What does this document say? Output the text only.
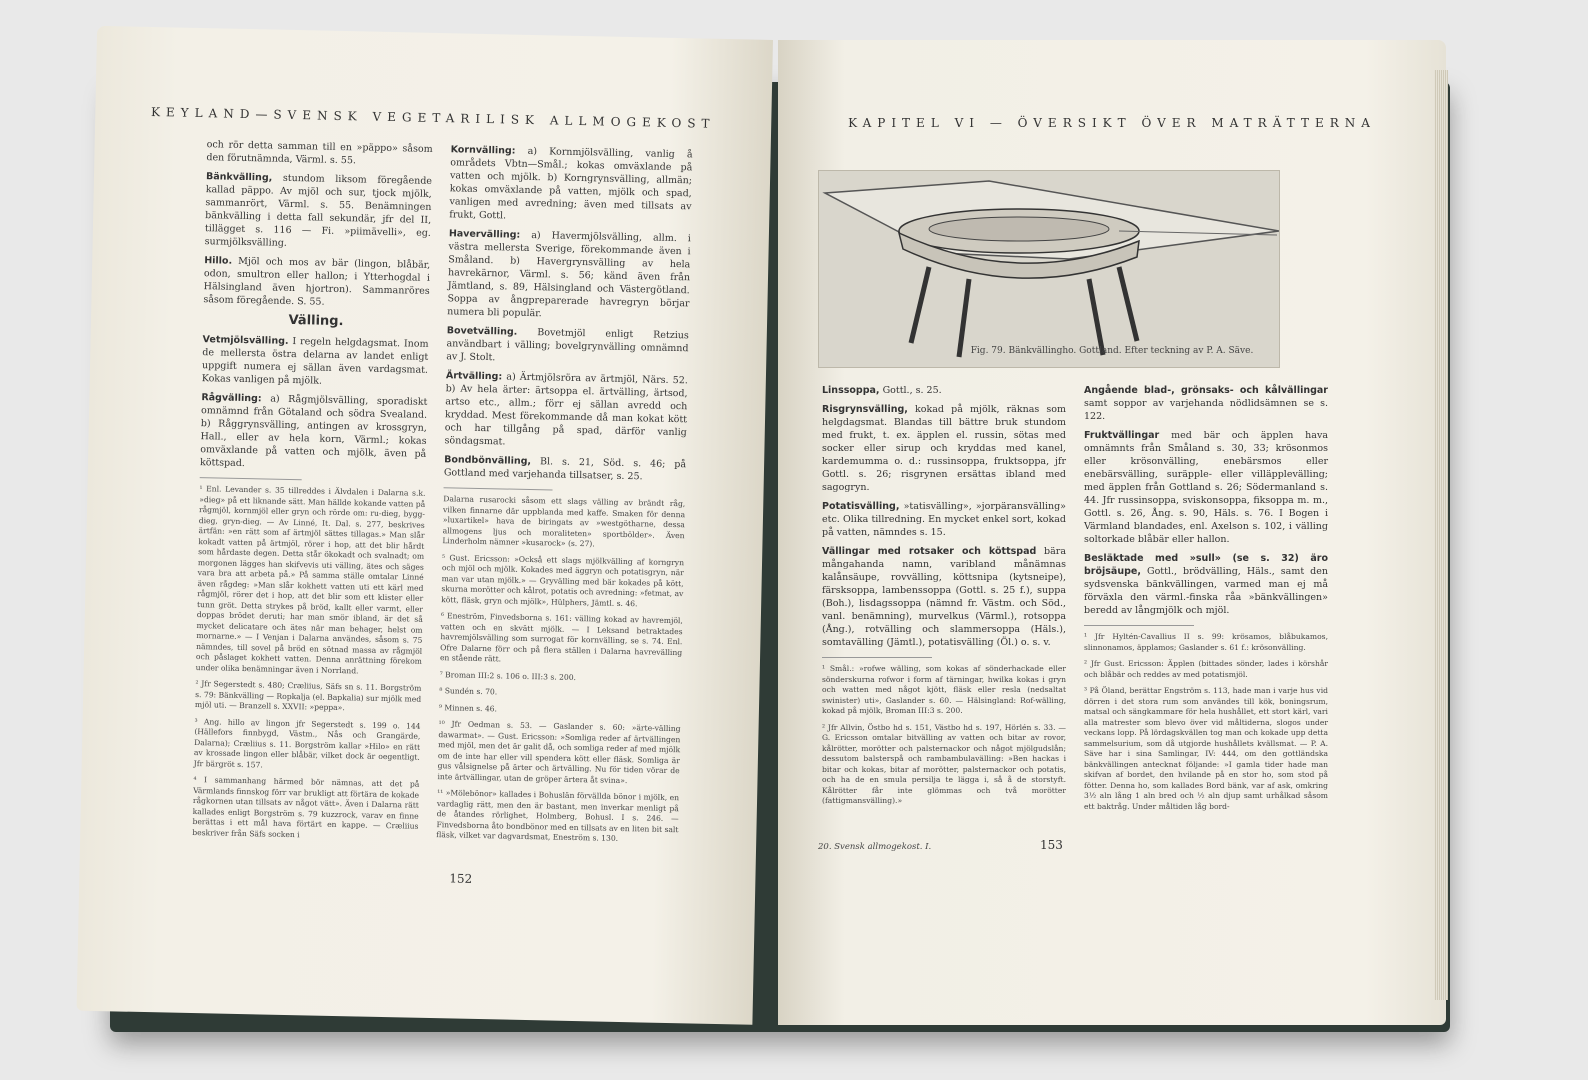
KEYLAND—SVENSK VEGETARILISK ALLMOGEKOST

och rör detta samman till en »päppo» såsom den förutnämnda, Värml. s. 55.

Bänkvälling, stundom liksom föregående kallad päppo. Av mjöl och sur, tjock mjölk, sammanrört, Värml. s. 55. Benämningen bänkvälling i detta fall sekundär, jfr del II, tillägget s. 116 — Fi. »piimävelli», eg. surmjölksvälling.

Hillo. Mjöl och mos av bär (lingon, blåbär, odon, smultron eller hallon; i Ytterhogdal i Hälsingland även hjortron). Sammanröres såsom föregående. S. 55.

Välling.

Vetmjölsvälling. I regeln helgdagsmat. Inom de mellersta östra delarna av landet enligt uppgift numera ej sällan även vardagsmat. Kokas vanligen på mjölk.

Rågvälling: a) Rågmjölsvälling, sporadiskt omnämnd från Götaland och södra Svealand. b) Råggrynsvälling, antingen av krossgryn, Hall., eller av hela korn, Värml.; kokas omväxlande på vatten och mjölk, även på köttspad.

¹ Enl. Levander s. 35 tillreddes i Älvdalen i Dalarna s.k. »dieg» på ett liknande sätt. Man hällde kokande vatten på rågmjöl, kornmjöl eller gryn och rörde om: ru-dieg, bygg-dieg, gryn-dieg. — Av Linné, It. Dal. s. 277, beskrives ärtfän: »en rätt som af ärtmjöl sättes tillagas.» Man slår kokadt vatten på ärtmjöl, rörer i hop, att det blir hårdt som hårdaste degen. Detta står ökokadt och svalnadt; om morgonen lägges han skifvevis uti välling, ätes och säges vara bra att arbeta på.» På samma ställe omtalar Linné även rågdeg: »Man slår kokhett vatten uti ett kärl med rågmjöl, rörer det i hop, att det blir som ett klister eller tunn gröt. Detta strykes på bröd, kallt eller varmt, eller doppas brödet deruti; har man smör ibland, är det så mycket delicatare och ätes när man behager, helst om mornarne.» — I Venjan i Dalarna användes, såsom s. 75 nämndes, till sovel på bröd en sötnad massa av rågmjöl och påslaget kokhett vatten. Denna anrättning förekom under olika benämningar även i Norrland.

² Jfr Segerstedt s. 480; Cræliius, Säfs sn s. 11. Borgström s. 79: Bänkvälling — Ropkalja (el. Bapkalia) sur mjölk med mjöl uti. — Branzell s. XXVII: »peppa».

³ Ang. hillo av lingon jfr Segerstedt s. 199 o. 144 (Hällefors finnbygd, Västm., Nås och Grangärde, Dalarna); Cræliius s. 11. Borgström kallar »Hilo» en rätt av krossade lingon eller blåbär, vilket dock är oegentligt. Jfr bärgröt s. 157.

⁴ I sammanhang härmed bör nämnas, att det på Värmlands finnskog förr var brukligt att förtära de kokade rågkornen utan tillsats av något vätt». Även i Dalarna rätt kallades enligt Borgström s. 79 kuzzrock, varav en finne berättas i ett mål hava förtärt en kappe. — Cræliius beskriver från Säfs socken i

Kornvälling: a) Kornmjölsvälling, vanlig å områdets Vbtn—Smål.; kokas omväxlande på vatten och mjölk. b) Korngrynsvälling, allmän; kokas omväxlande på vatten, mjölk och spad, vanligen med avredning; även med tillsats av frukt, Gottl.

Havervälling: a) Havermjölsvälling, allm. i västra mellersta Sverige, förekommande även i Småland. b) Havergrynsvälling av hela havrekärnor, Värml. s. 56; känd även från Jämtland, s. 89, Hälsingland och Västergötland. Soppa av ångpreparerade havregryn börjar numera bli populär.

Bovetvälling. Bovetmjöl enligt Retzius användbart i välling; bovelgrynvälling omnämnd av J. Stolt.

Ärtvälling: a) Ärtmjölsröra av ärtmjöl, Närs. 52. b) Av hela ärter: ärtsoppa el. ärtvälling, ärtsod, artso etc., allm.; förr ej sällan avredd och kryddad. Mest förekommande då man kokat kött och har tillgång på spad, därför vanlig söndagsmat.

Bondbönvälling, Bl. s. 21, Söd. s. 46; på Gottland med varjehanda tillsatser, s. 25.

Dalarna rusarocki såsom ett slags välling av brändt råg, vilken finnarne där uppblanda med kaffe. Smaken för denna »luxartikel» hava de biringats av »westgötharne, dessa allmogens ljus och moraliteten» sportbölder». Även Linderholm nämner »kusarock» (s. 27).

⁵ Gust. Ericsson: »Också ett slags mjölkvälling af korngryn och mjöl och mjölk. Kokades med äggryn och potatisgryn, när man var utan mjölk.» — Gryvälling med bär kokades på kött, skurna morötter och kålrot, potatis och avredning: »fetmat, av kött, fläsk, gryn och mjölk», Hülphers, Jämtl. s. 46.

⁶ Eneström, Finvedsborna s. 161: välling kokad av havremjöl, vatten och en skvätt mjölk. — I Leksand betraktades havremjölsvälling som surrogat för kornvälling, se s. 74. Enl. Ofre Dalarne förr och på flera ställen i Dalarna havrevälling en stående rätt.

⁷ Broman III:2 s. 106 o. III:3 s. 200.

⁸ Sundén s. 70.

⁹ Minnen s. 46.

¹⁰ Jfr Oedman s. 53. — Gaslander s. 60: »ärte-välling dawarmat». — Gust. Ericsson: »Somliga reder af ärtvällingen med mjöl, men det är galit då, och somliga reder af med mjölk om de inte har eller vill spendera kött eller fläsk. Somliga är gus vålsignelse på ärter och ärtvälling. Nu för tiden vörar de inte ärtvällingar, utan de gröper ärtera åt svina».

¹¹ »Mölebönor» kallades i Bohuslän förvällda bönor i mjölk, en vardaglig rätt, men den är bastant, men inverkar menligt på de åtandes rörlighet, Holmberg, Bohusl. I s. 246. — Finvedsborna åto bondbönor med en tillsats av en liten bit salt fläsk, vilket var dagvardsmat, Eneström s. 130.

152
KAPITEL VI — ÖVERSIKT ÖVER MATRÄTTERNA
Fig. 79. Bänkvällingho. Gottland. Efter teckning av P. A. Säve.

Linssoppa, Gottl., s. 25.

Risgrynsvälling, kokad på mjölk, räknas som helgdagsmat. Blandas till bättre bruk stundom med frukt, t. ex. äpplen el. russin, sötas med socker eller sirup och kryddas med kanel, kardemumma o. d.: russinsoppa, fruktsoppa, jfr Gottl. s. 26; risgrynen ersättas ibland med sagogryn.

Potatisvälling, »tatisvälling», »jorpäransvälling» etc. Olika tillredning. En mycket enkel sort, kokad på vatten, nämndes s. 15.

Vällingar med rotsaker och köttspad bära mångahanda namn, varibland månämnas kalånsäupe, rovvälling, köttsnipa (kytsneipe), färsksoppa, lambenssoppa (Gottl. s. 25 f.), suppa (Boh.), lisdagssoppa (nämnd fr. Västm. och Söd., vanl. benämning), murvelkus (Värml.), rotsoppa (Ång.), rotvälling och slammersoppa (Häls.), somtavälling (Jämtl.), potatisvälling (Öl.) o. s. v.

¹ Smål.: »rofwe wälling, som kokas af sönderhackade eller sönderskurna rofwor i form af tärningar, hwilka kokas i gryn och watten med något kjött, fläsk eller resla (nedsaltat swinister) uti», Gaslander s. 60. — Hälsingland: Rof-wälling, kokad på mjölk, Broman III:3 s. 200.

² Jfr Allvin, Östbo hd s. 151, Västbo hd s. 197, Hörlén s. 33. — G. Ericsson omtalar bitvälling av vatten och bitar av rovor, kålrötter, morötter och palsternackor och något mjölgudslån; dessutom balsterspå och rambambulavälling: »Ben hackas i bitar och kokas, bitar af morötter, palsternackor och potatis, och ha de en smula persilja te lägga i, så å de storstyft. Kålrötter får inte glömmas och två morötter (fattigmansvälling).»

Angående blad-, grönsaks- och kålvällingar samt soppor av varjehanda nödlidsämnen se s. 122.

Fruktvällingar med bär och äpplen hava omnämnts från Småland s. 30, 33; krösonmos eller krösonvälling, enebärsmos eller enebärsvälling, suräpple- eller villäpplevälling; med äpplen från Gottland s. 26; Södermanland s. 44. Jfr russinsoppa, sviskonsoppa, fiksoppa m. m., Gottl. s. 26, Ång. s. 90, Häls. s. 76. I Bogen i Värmland blandades, enl. Axelson s. 102, i välling soltorkade blåbär eller hallon.

Besläktade med »sull» (se s. 32) äro bröjsäupe, Gottl., brödvälling, Häls., samt den sydsvenska bänkvällingen, varmed man ej må förväxla den värml.-finska råa »bänkvällingen» beredd av långmjölk och mjöl.

¹ Jfr Hyltén-Cavallius II s. 99: krösamos, blåbukamos, slinnonamos, äpplamos; Gaslander s. 61 f.: krösonvälling.

² Jfr Gust. Ericsson: Äpplen (bittades sönder, lades i körshår och blåbär och reddes av med potatismjöl.

³ På Öland, berättar Engström s. 113, hade man i varje hus vid dörren i det stora rum som användes till kök, boningsrum, matsal och sängkammare för hela hushållet, ett stort kärl, vari alla matrester som blevo över vid måltiderna, slogos under veckans lopp. På lördagskvällen tog man och kokade upp detta sammelsurium, som då utgjorde hushållets kvällsmat. — P. A. Säve har i sina Samlingar, IV: 444, om den gottländska bänkvällingen antecknat följande: »I gamla tider hade man skifvan af bordet, den hvilande på en stor ho, som stod på fötter. Denna ho, som kallades Bord bänk, var af ask, omkring 3½ aln lång 1 aln bred och ½ aln djup samt urhålkad såsom ett baktråg. Under måltiden låg bord-

20. Svensk allmogekost. I.	153
